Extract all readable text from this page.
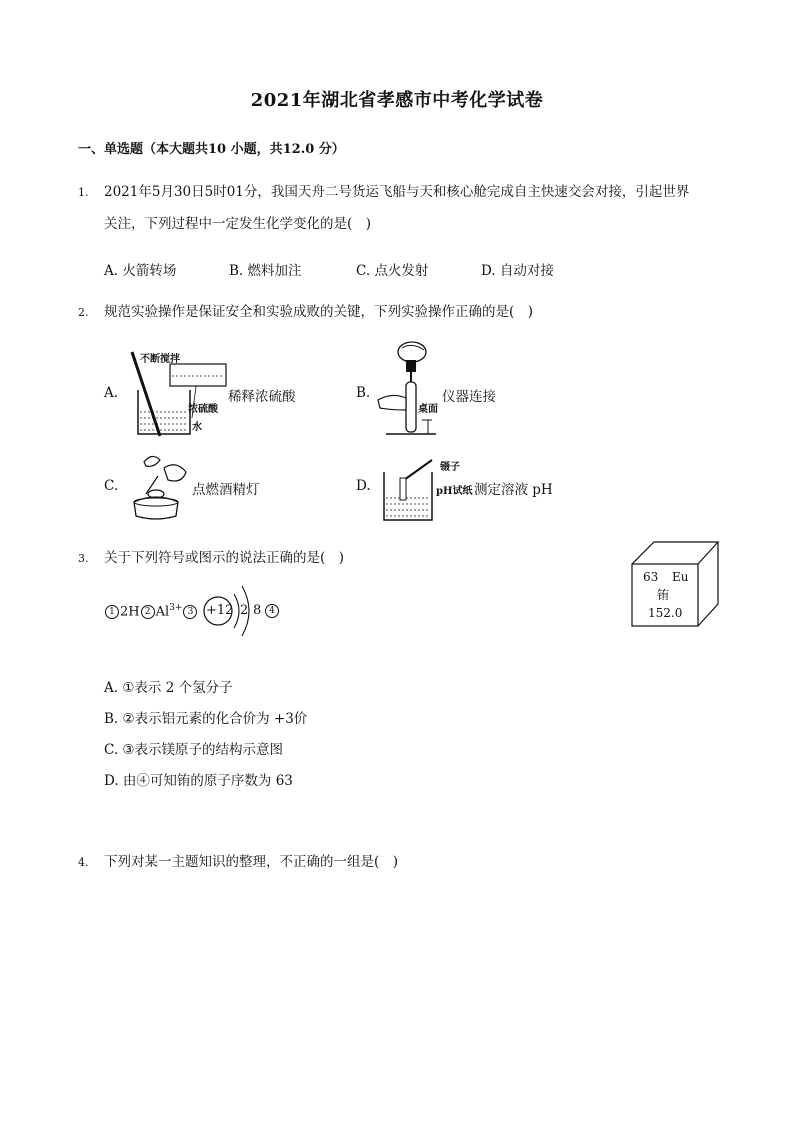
2021年湖北省孝感市中考化学试卷
一、单选题（本大题共10 小题，共12.0 分）
1. 2021年5月30日5时01分，我国天舟二号货运飞船与天和核心舱完成自主快速交会对接，引起世界
关注，下列过程中一定发生化学变化的是(　)
A. 火箭转场	B. 燃料加注	C. 点火发射	D. 自动对接
2. 规范实验操作是保证安全和实验成败的关键，下列实验操作正确的是(　)
A.
不断搅拌
浓硫酸
水
稀释浓硫酸	B.
桌面
仪器连接
C.	点燃酒精灯	D.
镊子
pH试纸 测定溶液 pH
3. 关于下列符号或图示的说法正确的是(　)
1 2H 2 $Al^{3+}$ 3 +12 2 8 4
63 Eu
铕
152.0
A. ①表示 2 个氢分子
B. ②表示铝元素的化合价为 +3价
C. ③表示镁原子的结构示意图
D. 由④可知铕的原子序数为 63
4. 下列对某一主题知识的整理，不正确的一组是(　)
